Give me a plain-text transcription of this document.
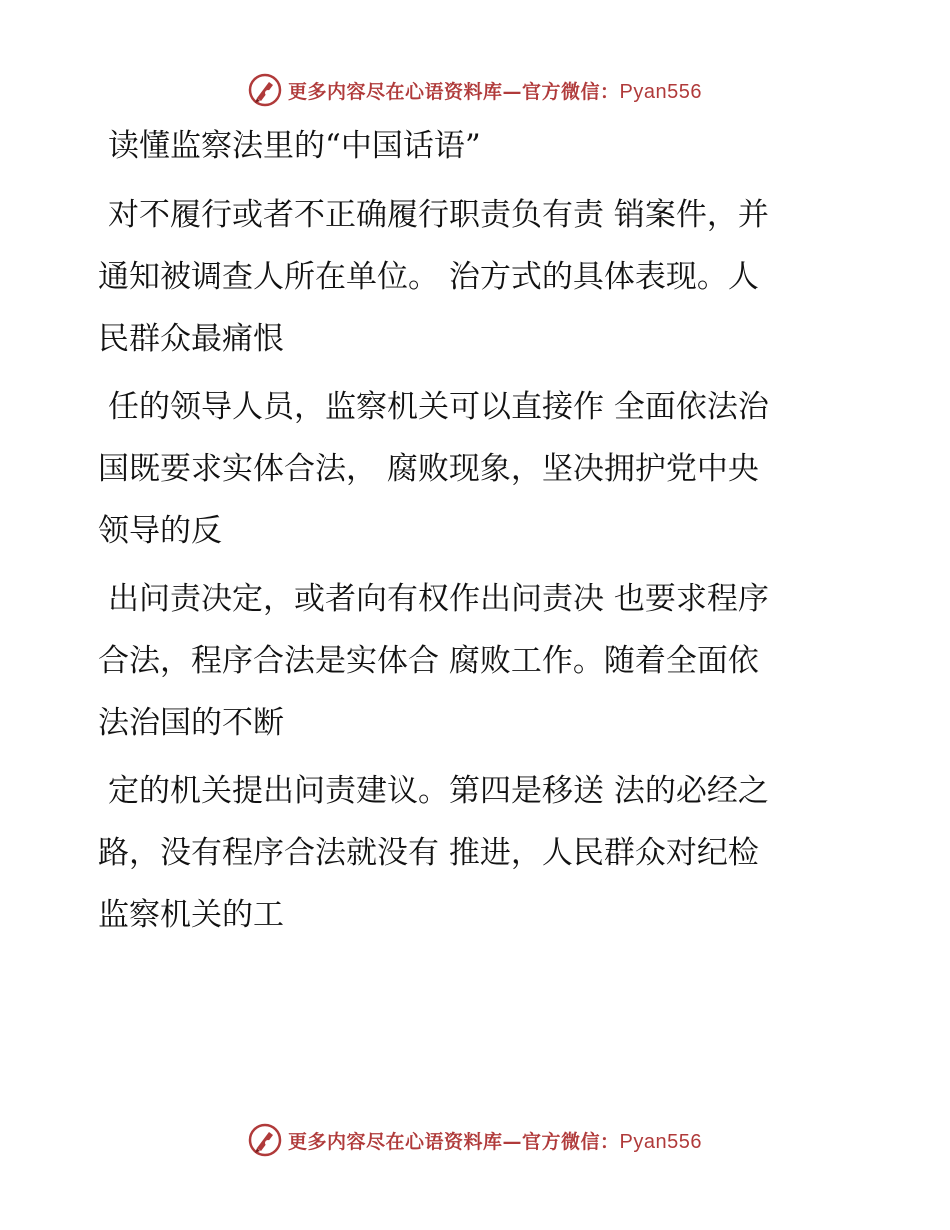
更多内容尽在心语资料库—官方微信：Pyan556
读懂监察法里的“中国话语”
对不履行或者不正确履行职责负有责 销案件，并
通知被调查人所在单位。 治方式的具体表现。人
民群众最痛恨
任的领导人员，监察机关可以直接作 全面依法治
国既要求实体合法， 腐败现象，坚决拥护党中央
领导的反
出问责决定，或者向有权作出问责决 也要求程序
合法，程序合法是实体合 腐败工作。随着全面依
法治国的不断
定的机关提出问责建议。第四是移送 法的必经之
路，没有程序合法就没有 推进，人民群众对纪检
监察机关的工
更多内容尽在心语资料库—官方微信：Pyan556
